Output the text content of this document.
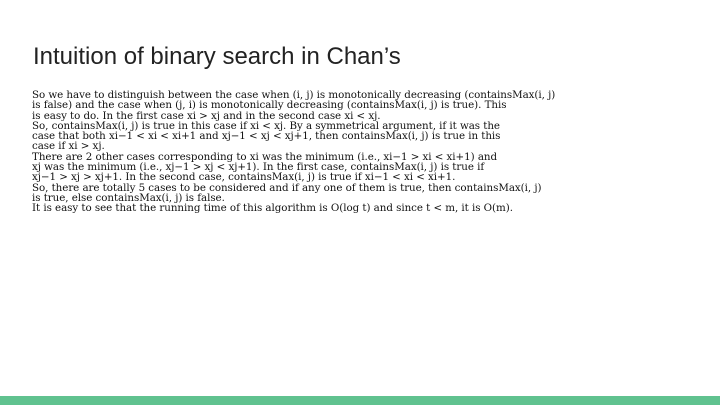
Intuition of binary search in Chan’s
So we have to distinguish between the case when (i, j) is monotonically decreasing (containsMax(i, j)
is false) and the case when (j, i) is monotonically decreasing (containsMax(i, j) is true). This
is easy to do. In the first case xi > xj and in the second case xi < xj.
So, containsMax(i, j) is true in this case if xi < xj. By a symmetrical argument, if it was the
case that both xi−1 < xi < xi+1 and xj−1 < xj < xj+1, then containsMax(i, j) is true in this
case if xi > xj.
There are 2 other cases corresponding to xi was the minimum (i.e., xi−1 > xi < xi+1) and
xj was the minimum (i.e., xj−1 > xj < xj+1). In the first case, containsMax(i, j) is true if
xj−1 > xj > xj+1. In the second case, containsMax(i, j) is true if xi−1 < xi < xi+1.
So, there are totally 5 cases to be considered and if any one of them is true, then containsMax(i, j)
is true, else containsMax(i, j) is false.
It is easy to see that the running time of this algorithm is O(log t) and since t < m, it is O(m).
